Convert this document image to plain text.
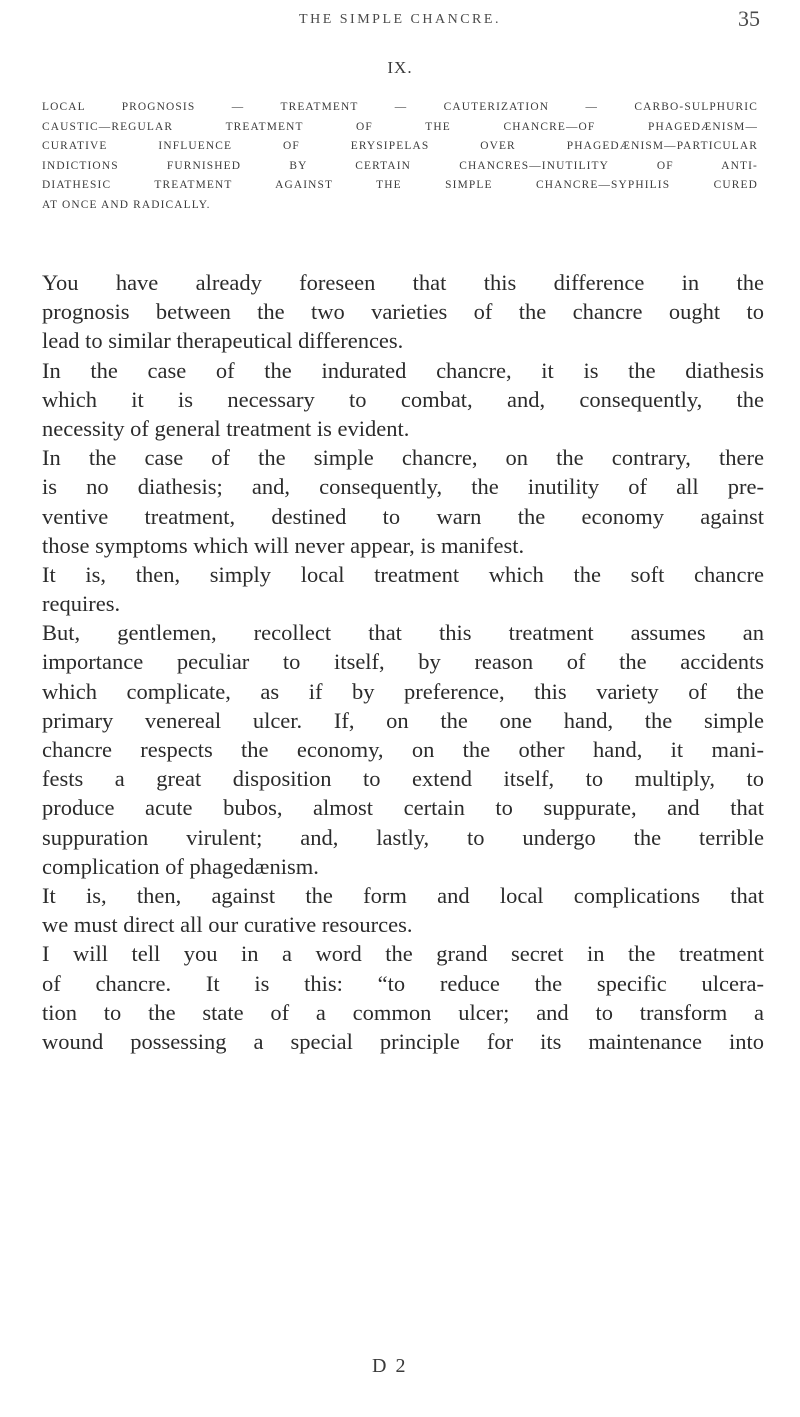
THE SIMPLE CHANCRE.	35
IX.
LOCAL PROGNOSIS — TREATMENT — CAUTERIZATION — CARBO-SULPHURIC
CAUSTIC—REGULAR TREATMENT OF THE CHANCRE—OF PHAGEDÆNISM—
CURATIVE INFLUENCE OF ERYSIPELAS OVER PHAGEDÆNISM—PARTICULAR
INDICTIONS FURNISHED BY CERTAIN CHANCRES—INUTILITY OF ANTI-
DIATHESIC TREATMENT AGAINST THE SIMPLE CHANCRE—SYPHILIS CURED
AT ONCE AND RADICALLY.
You have already foreseen that this difference in the
prognosis between the two varieties of the chancre ought to
lead to similar therapeutical differences.
In the case of the indurated chancre, it is the diathesis
which it is necessary to combat, and, consequently, the
necessity of general treatment is evident.
In the case of the simple chancre, on the contrary, there
is no diathesis; and, consequently, the inutility of all pre-
ventive treatment, destined to warn the economy against
those symptoms which will never appear, is manifest.
It is, then, simply local treatment which the soft chancre
requires.
But, gentlemen, recollect that this treatment assumes an
importance peculiar to itself, by reason of the accidents
which complicate, as if by preference, this variety of the
primary venereal ulcer. If, on the one hand, the simple
chancre respects the economy, on the other hand, it mani-
fests a great disposition to extend itself, to multiply, to
produce acute bubos, almost certain to suppurate, and that
suppuration virulent; and, lastly, to undergo the terrible
complication of phagedænism.
It is, then, against the form and local complications that
we must direct all our curative resources.
I will tell you in a word the grand secret in the treatment
of chancre. It is this: “to reduce the specific ulcera-
tion to the state of a common ulcer; and to transform a
wound possessing a special principle for its maintenance into
D 2
